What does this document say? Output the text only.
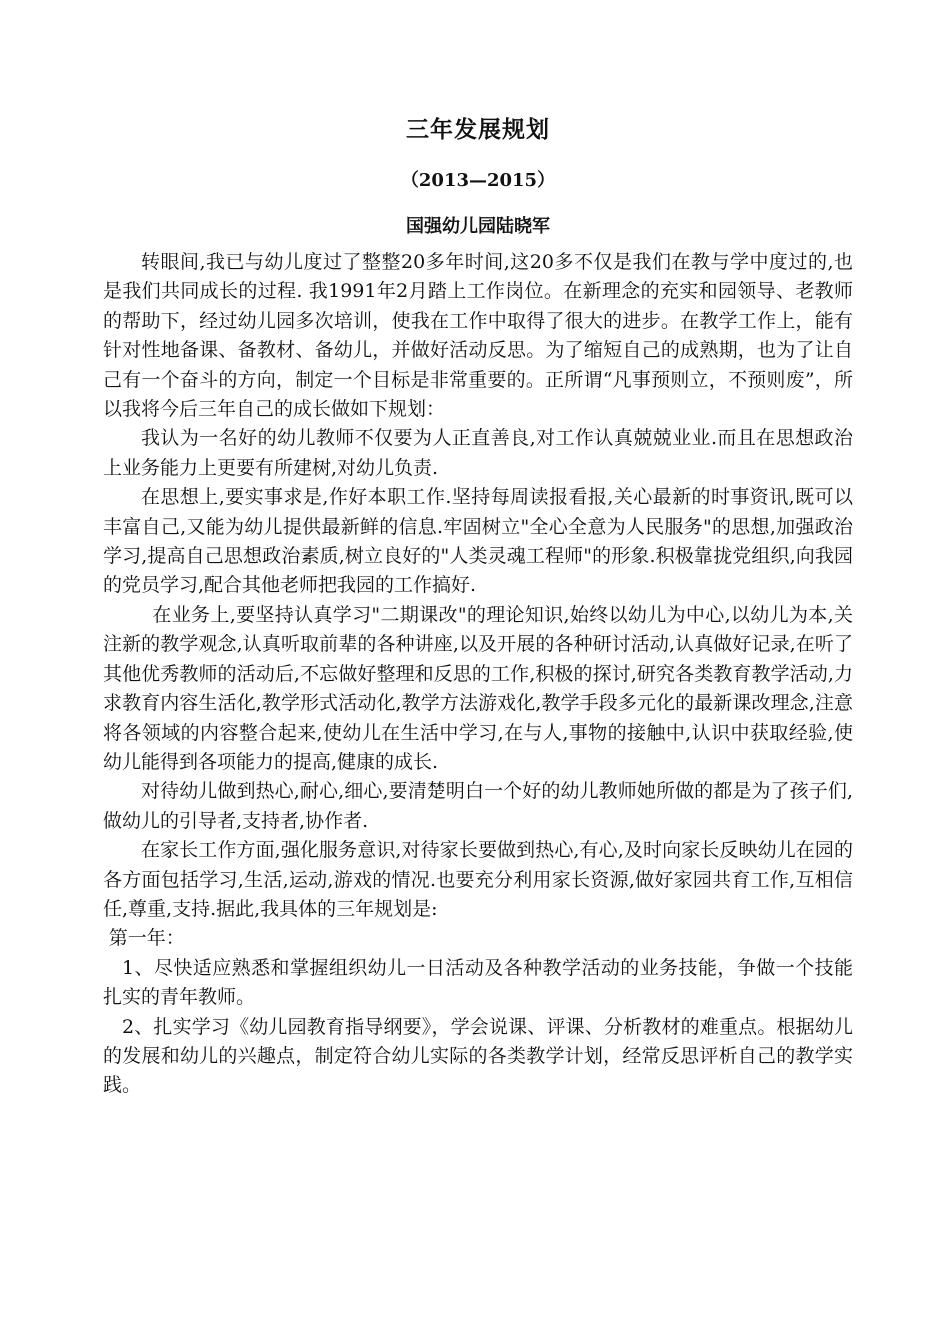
三年发展规划
（2013—2015）
国强幼儿园陆晓军

转眼间,我已与幼儿度过了整整20多年时间,这20多不仅是我们在教与学中度过的,也是我们共同成长的过程. 我1991年2月踏上工作岗位。在新理念的充实和园领导、老教师的帮助下，经过幼儿园多次培训，使我在工作中取得了很大的进步。在教学工作上，能有针对性地备课、备教材、备幼儿，并做好活动反思。为了缩短自己的成熟期，也为了让自己有一个奋斗的方向，制定一个目标是非常重要的。正所谓“凡事预则立，不预则废”，所以我将今后三年自己的成长做如下规划：

我认为一名好的幼儿教师不仅要为人正直善良,对工作认真兢兢业业.而且在思想政治上业务能力上更要有所建树,对幼儿负责.

在思想上,要实事求是,作好本职工作.坚持每周读报看报,关心最新的时事资讯,既可以丰富自己,又能为幼儿提供最新鲜的信息.牢固树立"全心全意为人民服务"的思想,加强政治学习,提高自己思想政治素质,树立良好的"人类灵魂工程师"的形象.积极靠拢党组织,向我园的党员学习,配合其他老师把我园的工作搞好.

在业务上,要坚持认真学习"二期课改"的理论知识,始终以幼儿为中心,以幼儿为本,关注新的教学观念,认真听取前辈的各种讲座,以及开展的各种研讨活动,认真做好记录,在听了其他优秀教师的活动后,不忘做好整理和反思的工作,积极的探讨,研究各类教育教学活动,力求教育内容生活化,教学形式活动化,教学方法游戏化,教学手段多元化的最新课改理念,注意将各领域的内容整合起来,使幼儿在生活中学习,在与人,事物的接触中,认识中获取经验,使幼儿能得到各项能力的提高,健康的成长.

对待幼儿做到热心,耐心,细心,要清楚明白一个好的幼儿教师她所做的都是为了孩子们,做幼儿的引导者,支持者,协作者.

在家长工作方面,强化服务意识,对待家长要做到热心,有心,及时向家长反映幼儿在园的各方面包括学习,生活,运动,游戏的情况.也要充分利用家长资源,做好家园共育工作,互相信任,尊重,支持.据此,我具体的三年规划是:

第一年：

1、尽快适应熟悉和掌握组织幼儿一日活动及各种教学活动的业务技能，争做一个技能扎实的青年教师。

2、扎实学习《幼儿园教育指导纲要》，学会说课、评课、分析教材的难重点。根据幼儿的发展和幼儿的兴趣点，制定符合幼儿实际的各类教学计划，经常反思评析自己的教学实践。
